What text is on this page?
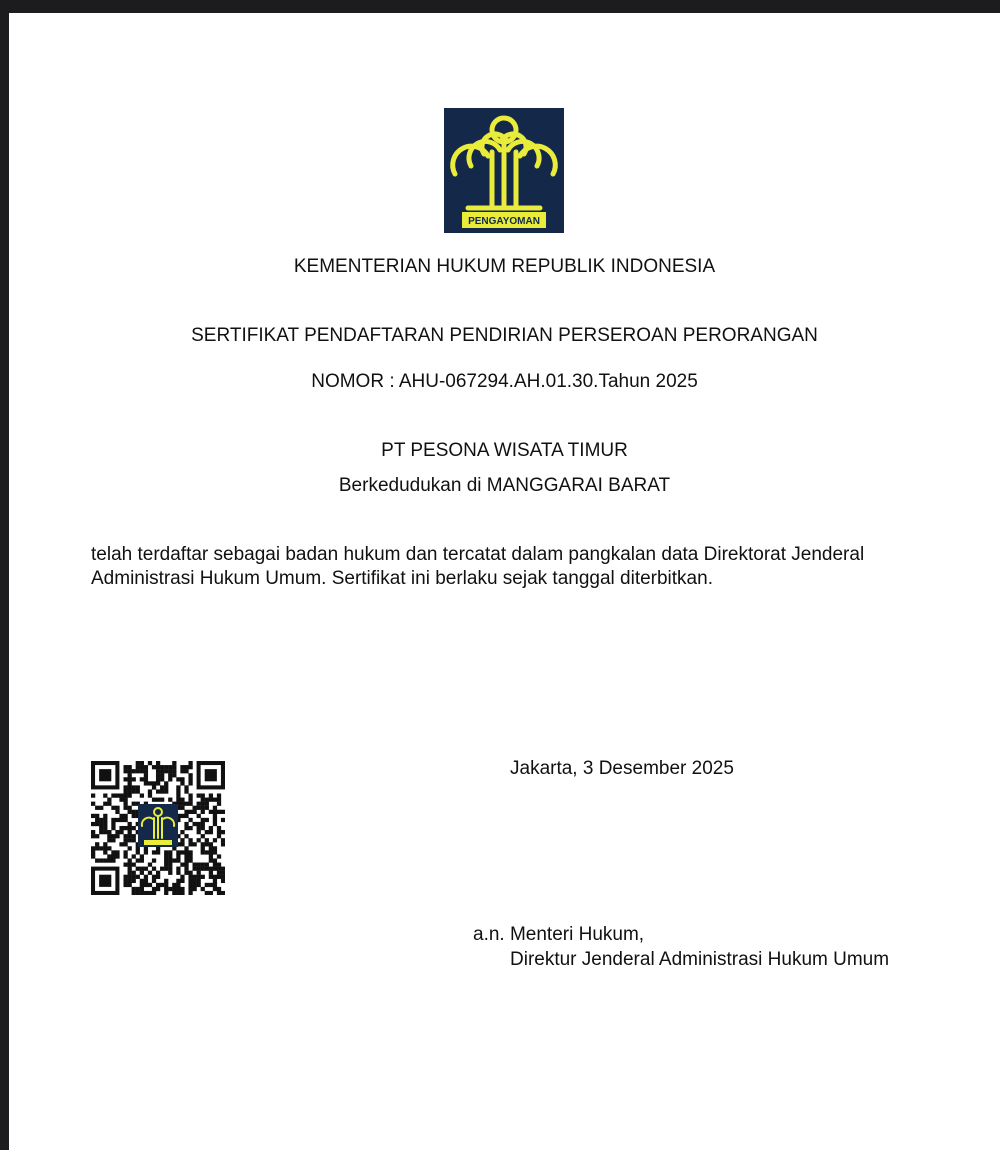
PENGAYOMAN
KEMENTERIAN HUKUM REPUBLIK INDONESIA
SERTIFIKAT PENDAFTARAN PENDIRIAN PERSEROAN PERORANGAN
NOMOR : AHU-067294.AH.01.30.Tahun 2025
PT PESONA WISATA TIMUR
Berkedudukan di MANGGARAI BARAT

telah terdaftar sebagai badan hukum dan tercatat dalam pangkalan data Direktorat Jenderal Administrasi Hukum Umum. Sertifikat ini berlaku sejak tanggal diterbitkan.

Jakarta, 3 Desember 2025
a.n. Menteri Hukum,
Direktur Jenderal Administrasi Hukum Umum
